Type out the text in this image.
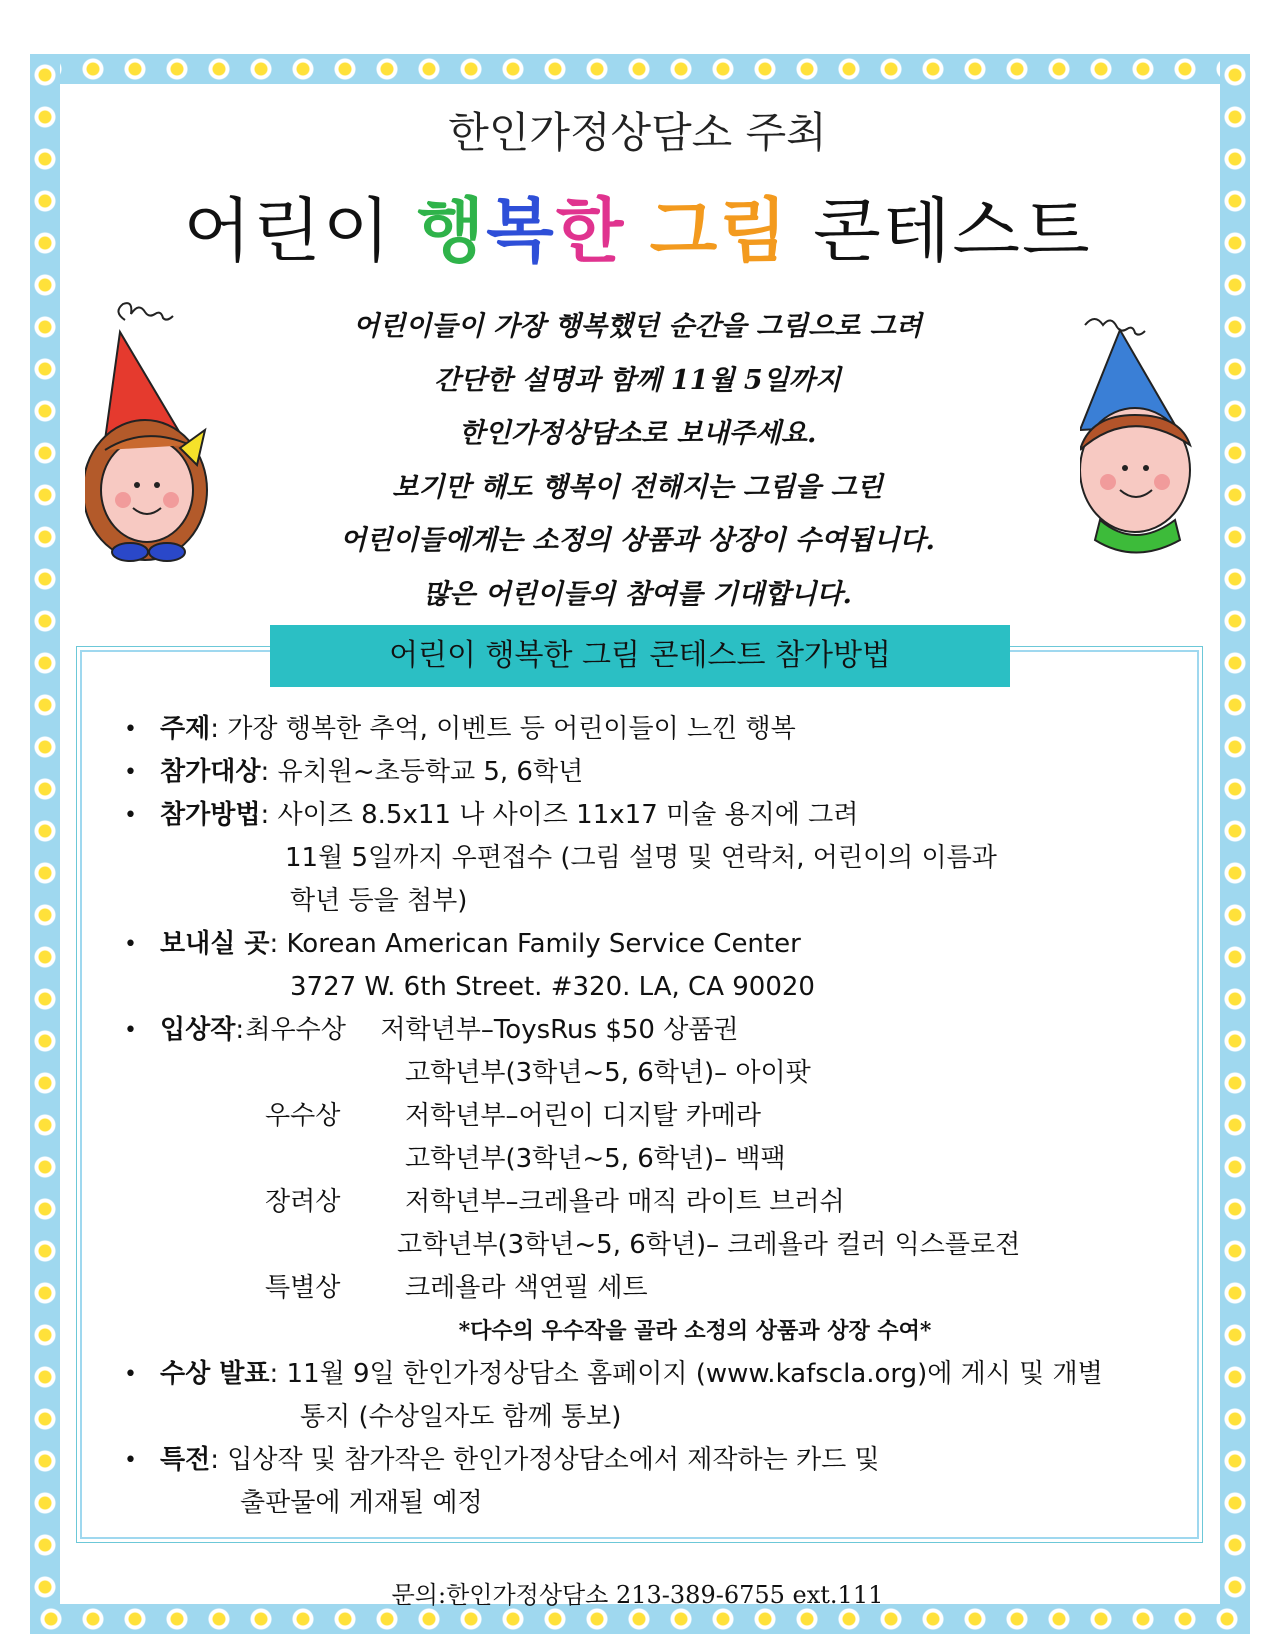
한인가정상담소 주최
어린이 행복한 그림 콘테스트
어린이들이 가장 행복했던 순간을 그림으로 그려
간단한 설명과 함께 11월 5일까지
한인가정상담소로 보내주세요.
보기만 해도 행복이 전해지는 그림을 그린
어린이들에게는 소정의 상품과 상장이 수여됩니다.
많은 어린이들의 참여를 기대합니다.
어린이 행복한 그림 콘테스트 참가방법
• 주제: 가장 행복한 추억, 이벤트 등 어린이들이 느낀 행복
• 참가대상: 유치원~초등학교 5, 6학년
• 참가방법: 사이즈 8.5x11 나 사이즈 11x17 미술 용지에 그려
11월 5일까지 우편접수 (그림 설명 및 연락처, 어린이의 이름과
학년 등을 첨부)
• 보내실 곳: Korean American Family Service Center
3727 W. 6th Street. #320. LA, CA 90020
• 입상작 : 최우수상	저학년부–ToysRus $50 상품권
고학년부(3학년~5, 6학년)– 아이팟
우수상	저학년부–어린이 디지탈 카메라
고학년부(3학년~5, 6학년)– 백팩
장려상	저학년부–크레욜라 매직 라이트 브러쉬
고학년부(3학년~5, 6학년)– 크레욜라 컬러 익스플로젼
특별상	크레욜라 색연필 세트
*다수의 우수작을 골라 소정의 상품과 상장 수여*
• 수상 발표: 11월 9일 한인가정상담소 홈페이지 (www.kafscla.org)에 게시 및 개별
통지 (수상일자도 함께 통보)
• 특전: 입상작 및 참가작은 한인가정상담소에서 제작하는 카드 및
출판물에 게재될 예정
문의:한인가정상담소 213-389-6755 ext.111
